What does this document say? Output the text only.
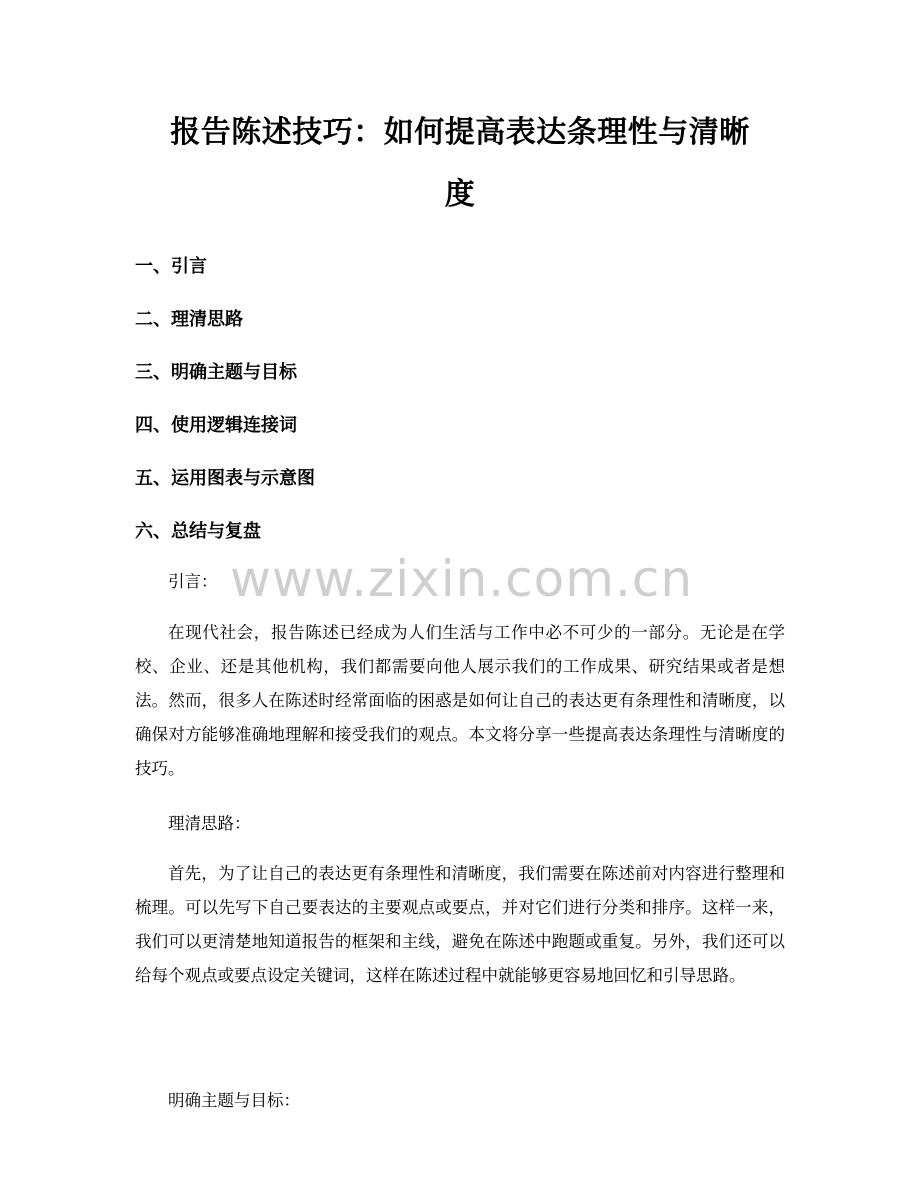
报告陈述技巧：如何提高表达条理性与清晰
度

一、引言

二、理清思路

三、明确主题与目标

四、使用逻辑连接词

五、运用图表与示意图

六、总结与复盘

www.zixin.com.cn

引言：

在现代社会，报告陈述已经成为人们生活与工作中必不可少的一部分。无论是在学校、企业、还是其他机构，我们都需要向他人展示我们的工作成果、研究结果或者是想法。然而，很多人在陈述时经常面临的困惑是如何让自己的表达更有条理性和清晰度，以确保对方能够准确地理解和接受我们的观点。本文将分享一些提高表达条理性与清晰度的技巧。

理清思路：

首先，为了让自己的表达更有条理性和清晰度，我们需要在陈述前对内容进行整理和梳理。可以先写下自己要表达的主要观点或要点，并对它们进行分类和排序。这样一来，我们可以更清楚地知道报告的框架和主线，避免在陈述中跑题或重复。另外，我们还可以给每个观点或要点设定关键词，这样在陈述过程中就能够更容易地回忆和引导思路。

明确主题与目标：
